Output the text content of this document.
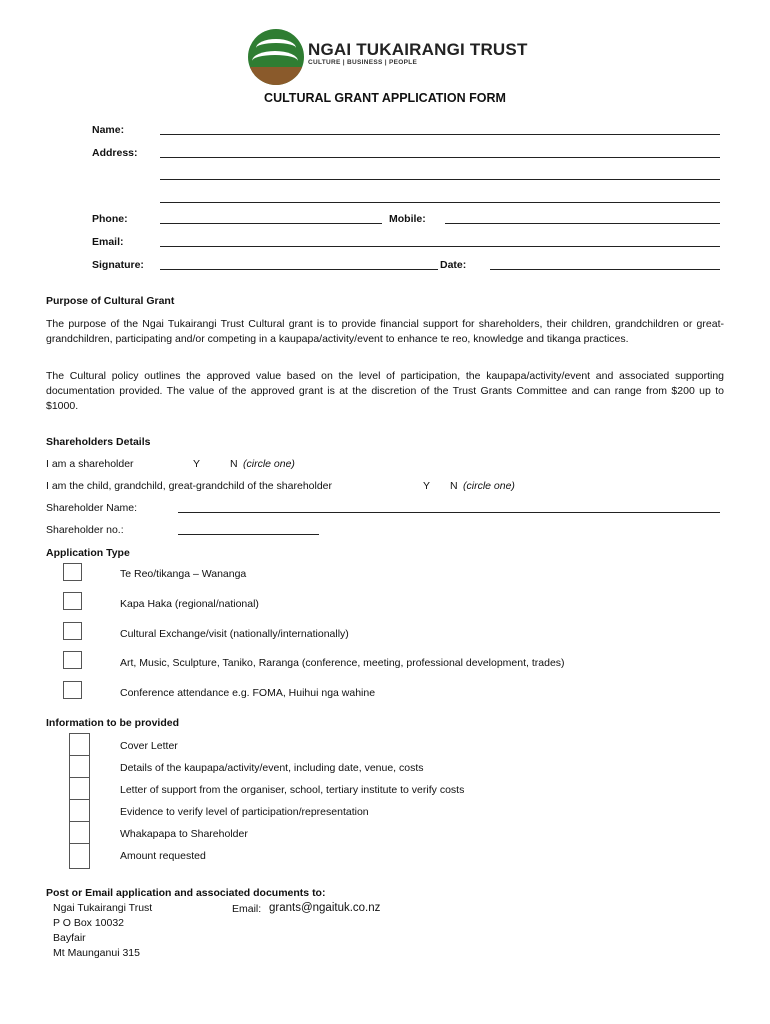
NGAI TUKAIRANGI TRUST
CULTURE | BUSINESS | PEOPLE
CULTURAL GRANT APPLICATION FORM
Name:
Address:
Phone:	Mobile:
Email:
Signature:	Date:
Purpose of Cultural Grant
The purpose of the Ngai Tukairangi Trust Cultural grant is to provide financial support for shareholders, their children, grandchildren or great-grandchildren, participating and/or competing in a kaupapa/activity/event to enhance te reo, knowledge and tikanga practices.
The Cultural policy outlines the approved value based on the level of participation, the kaupapa/activity/event and associated supporting documentation provided. The value of the approved grant is at the discretion of the Trust Grants Committee and can range from $200 up to $1000.
Shareholders Details
I am a shareholder	Y	N (circle one)
I am the child, grandchild, great-grandchild of the shareholder	Y N (circle one)
Shareholder Name:
Shareholder no.:
Application Type
Te Reo/tikanga – Wananga
Kapa Haka (regional/national)
Cultural Exchange/visit (nationally/internationally)
Art, Music, Sculpture, Taniko, Raranga (conference, meeting, professional development, trades)
Conference attendance e.g. FOMA, Huihui nga wahine
Information to be provided
Cover Letter
Details of the kaupapa/activity/event, including date, venue, costs
Letter of support from the organiser, school, tertiary institute to verify costs
Evidence to verify level of participation/representation
Whakapapa to Shareholder
Amount requested
Post or Email application and associated documents to:
Ngai Tukairangi Trust
P O Box 10032
Bayfair
Mt Maunganui 315
Email: grants@ngaituk.co.nz
